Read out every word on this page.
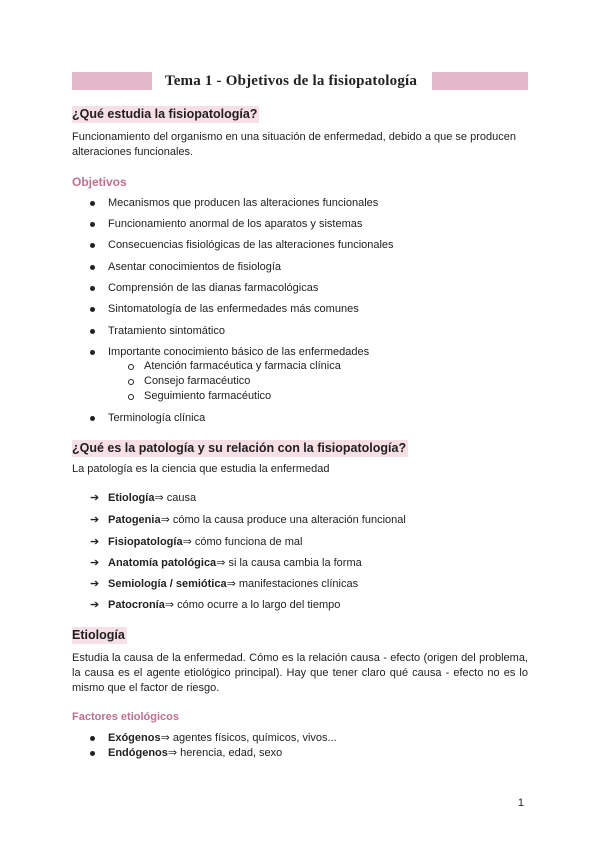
Tema 1 - Objetivos de la fisiopatología
¿Qué estudia la fisiopatología?
Funcionamiento del organismo en una situación de enfermedad, debido a que se producen alteraciones funcionales.
Objetivos
Mecanismos que producen las alteraciones funcionales
Funcionamiento anormal de los aparatos y sistemas
Consecuencias fisiológicas de las alteraciones funcionales
Asentar conocimientos de fisiología
Comprensión de las dianas farmacológicas
Sintomatología de las enfermedades más comunes
Tratamiento sintomático
Importante conocimiento básico de las enfermedades
Atención farmacéutica y farmacia clínica
Consejo farmacéutico
Seguimiento farmacéutico
Terminología clínica
¿Qué es la patología y su relación con la fisiopatología?
La patología es la ciencia que estudia la enfermedad
➔ Etiología⇒ causa
➔ Patogenia⇒ cómo la causa produce una alteración funcional
➔ Fisiopatología⇒ cómo funciona de mal
➔ Anatomía patológica⇒ si la causa cambia la forma
➔ Semiología / semiótica⇒ manifestaciones clínicas
➔ Patocronía⇒ cómo ocurre a lo largo del tiempo
Etiología
Estudia la causa de la enfermedad. Cómo es la relación causa - efecto (origen del problema, la causa es el agente etiológico principal). Hay que tener claro qué causa - efecto no es lo mismo que el factor de riesgo.
Factores etiológicos
Exógenos⇒ agentes físicos, químicos, vivos...
Endógenos⇒ herencia, edad, sexo
1
